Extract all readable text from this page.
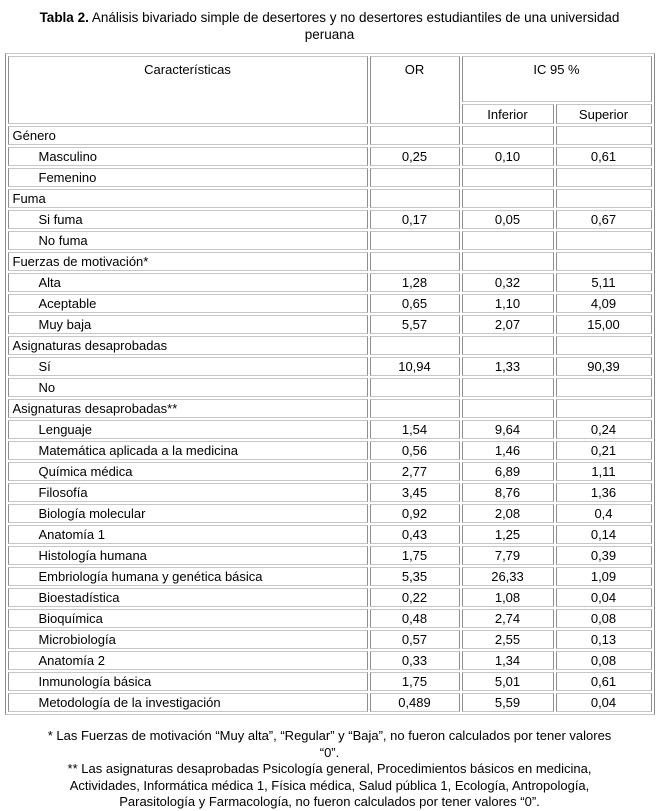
Tabla 2. Análisis bivariado simple de desertores y no desertores estudiantiles de una universidad peruana
Características	OR	IC 95 %	
		Inferior	Superior
Género			
Masculino	0,25	0,10	0,61
Femenino			
Fuma			
Si fuma	0,17	0,05	0,67
No fuma			
Fuerzas de motivación*			
Alta	1,28	0,32	5,11
Aceptable	0,65	1,10	4,09
Muy baja	5,57	2,07	15,00
Asignaturas desaprobadas			
Sí	10,94	1,33	90,39
No			
Asignaturas desaprobadas**			
Lenguaje	1,54	9,64	0,24
Matemática aplicada a la medicina	0,56	1,46	0,21
Química médica	2,77	6,89	1,11
Filosofía	3,45	8,76	1,36
Biología molecular	0,92	2,08	0,4
Anatomía 1	0,43	1,25	0,14
Histología humana	1,75	7,79	0,39
Embriología humana y genética básica	5,35	26,33	1,09
Bioestadística	0,22	1,08	0,04
Bioquímica	0,48	2,74	0,08
Microbiología	0,57	2,55	0,13
Anatomía 2	0,33	1,34	0,08
Inmunología básica	1,75	5,01	0,61
Metodología de la investigación	0,489	5,59	0,04
* Las Fuerzas de motivación “Muy alta”, “Regular” y “Baja”, no fueron calculados por tener valores
“0”.
** Las asignaturas desaprobadas Psicología general, Procedimientos básicos en medicina,
Actividades, Informática médica 1, Física médica, Salud pública 1, Ecología, Antropología,
Parasitología y Farmacología, no fueron calculados por tener valores “0”.
